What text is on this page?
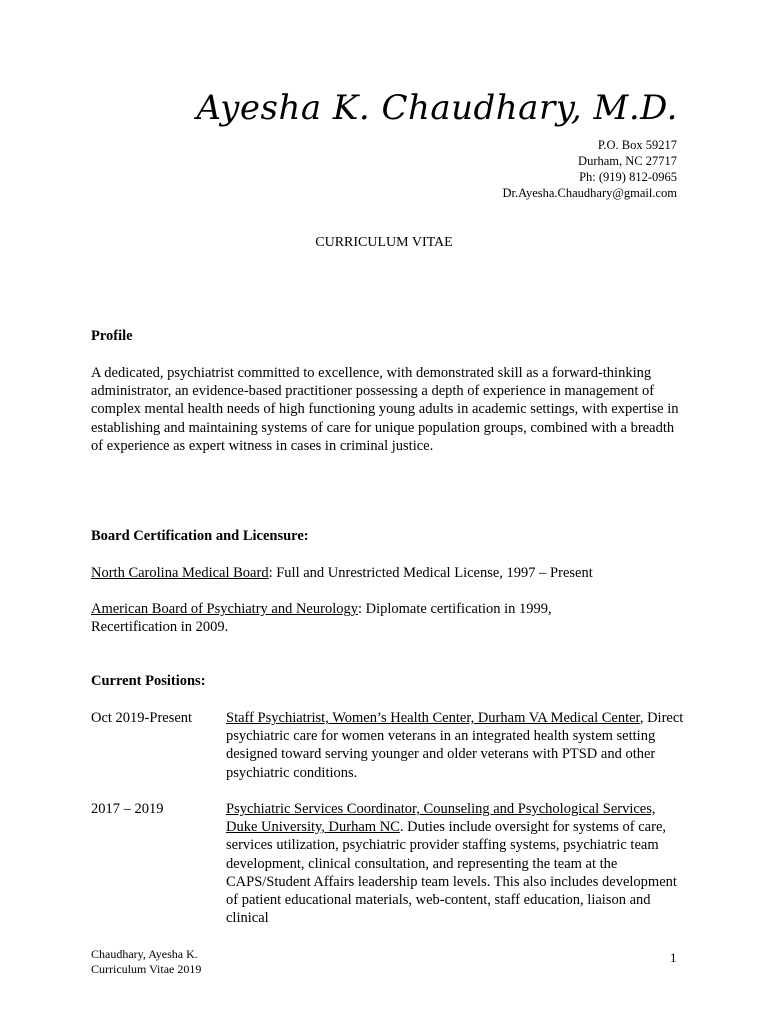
Ayesha K. Chaudhary, M.D.
P.O. Box 59217
Durham, NC 27717
Ph: (919) 812-0965
Dr.Ayesha.Chaudhary@gmail.com
CURRICULUM VITAE
Profile

A dedicated, psychiatrist committed to excellence, with demonstrated skill as a forward-thinking administrator, an evidence-based practitioner possessing a depth of experience in management of complex mental health needs of high functioning young adults in academic settings, with expertise in establishing and maintaining systems of care for unique population groups, combined with a breadth of experience as expert witness in cases in criminal justice.

Board Certification and Licensure:

North Carolina Medical Board: Full and Unrestricted Medical License, 1997 – Present

American Board of Psychiatry and Neurology: Diplomate certification in 1999, Recertification in 2009.

Current Positions:
Oct 2019-Present Staff Psychiatrist, Women’s Health Center, Durham VA Medical Center, Direct psychiatric care for women veterans in an integrated health system setting designed toward serving younger and older veterans with PTSD and other psychiatric conditions.

2017 – 2019	Psychiatric Services Coordinator, Counseling and Psychological Services, Duke University, Durham NC. Duties include oversight for systems of care, services utilization, psychiatric provider staffing systems, psychiatric team development, clinical consultation, and representing the team at the CAPS/Student Affairs leadership team levels. This also includes development of patient educational materials, web-content, staff education, liaison and clinical

Chaudhary, Ayesha K.
Curriculum Vitae 2019
1
